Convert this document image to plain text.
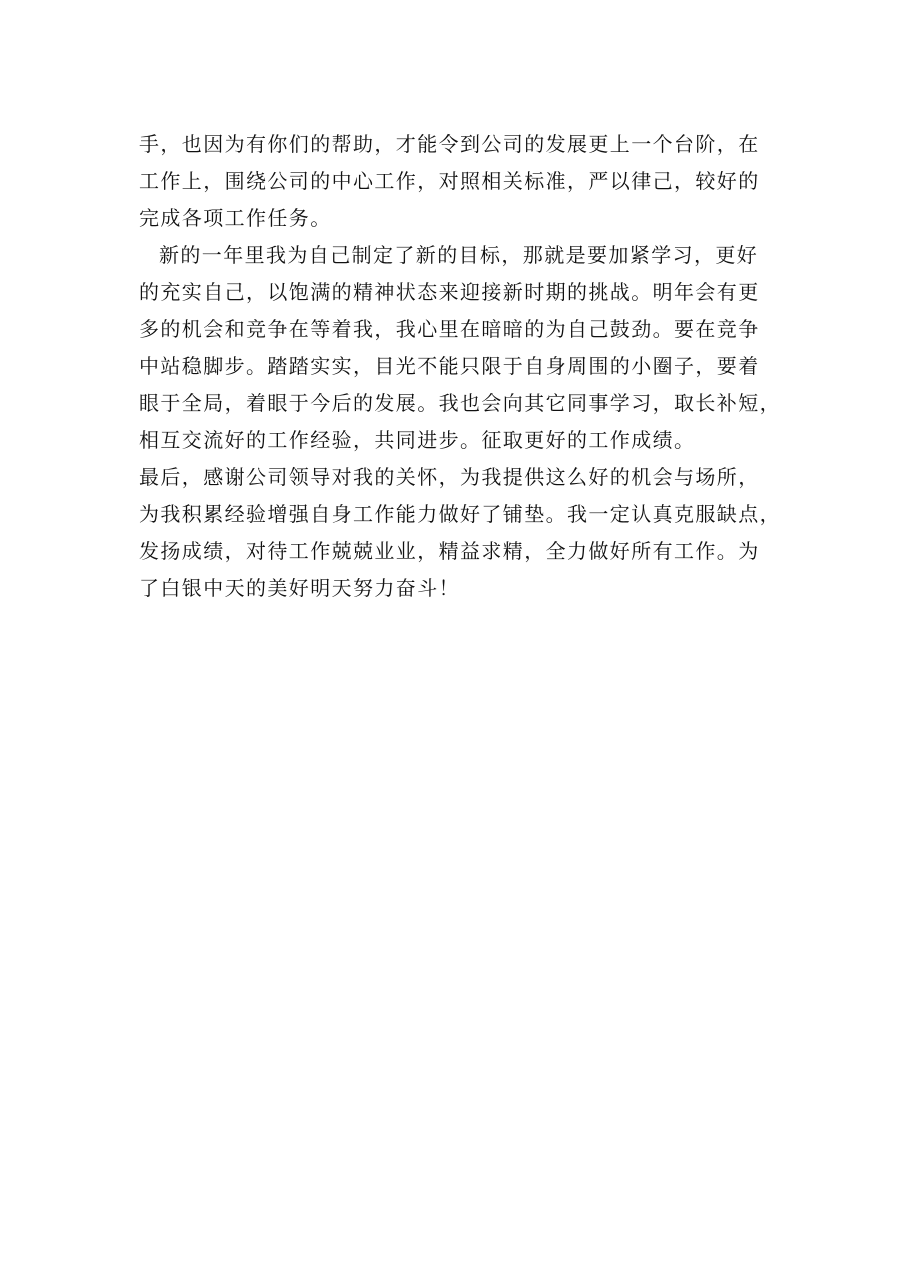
手，也因为有你们的帮助，才能令到公司的发展更上一个台阶，在
工作上，围绕公司的中心工作，对照相关标准，严以律己，较好的
完成各项工作任务。
新的一年里我为自己制定了新的目标，那就是要加紧学习，更好
的充实自己，以饱满的精神状态来迎接新时期的挑战。明年会有更
多的机会和竞争在等着我，我心里在暗暗的为自己鼓劲。要在竞争
中站稳脚步。踏踏实实，目光不能只限于自身周围的小圈子，要着
眼于全局，着眼于今后的发展。我也会向其它同事学习，取长补短，
相互交流好的工作经验，共同进步。征取更好的工作成绩。
最后，感谢公司领导对我的关怀，为我提供这么好的机会与场所，
为我积累经验增强自身工作能力做好了铺垫。我一定认真克服缺点，
发扬成绩，对待工作兢兢业业，精益求精，全力做好所有工作。为
了白银中天的美好明天努力奋斗！
